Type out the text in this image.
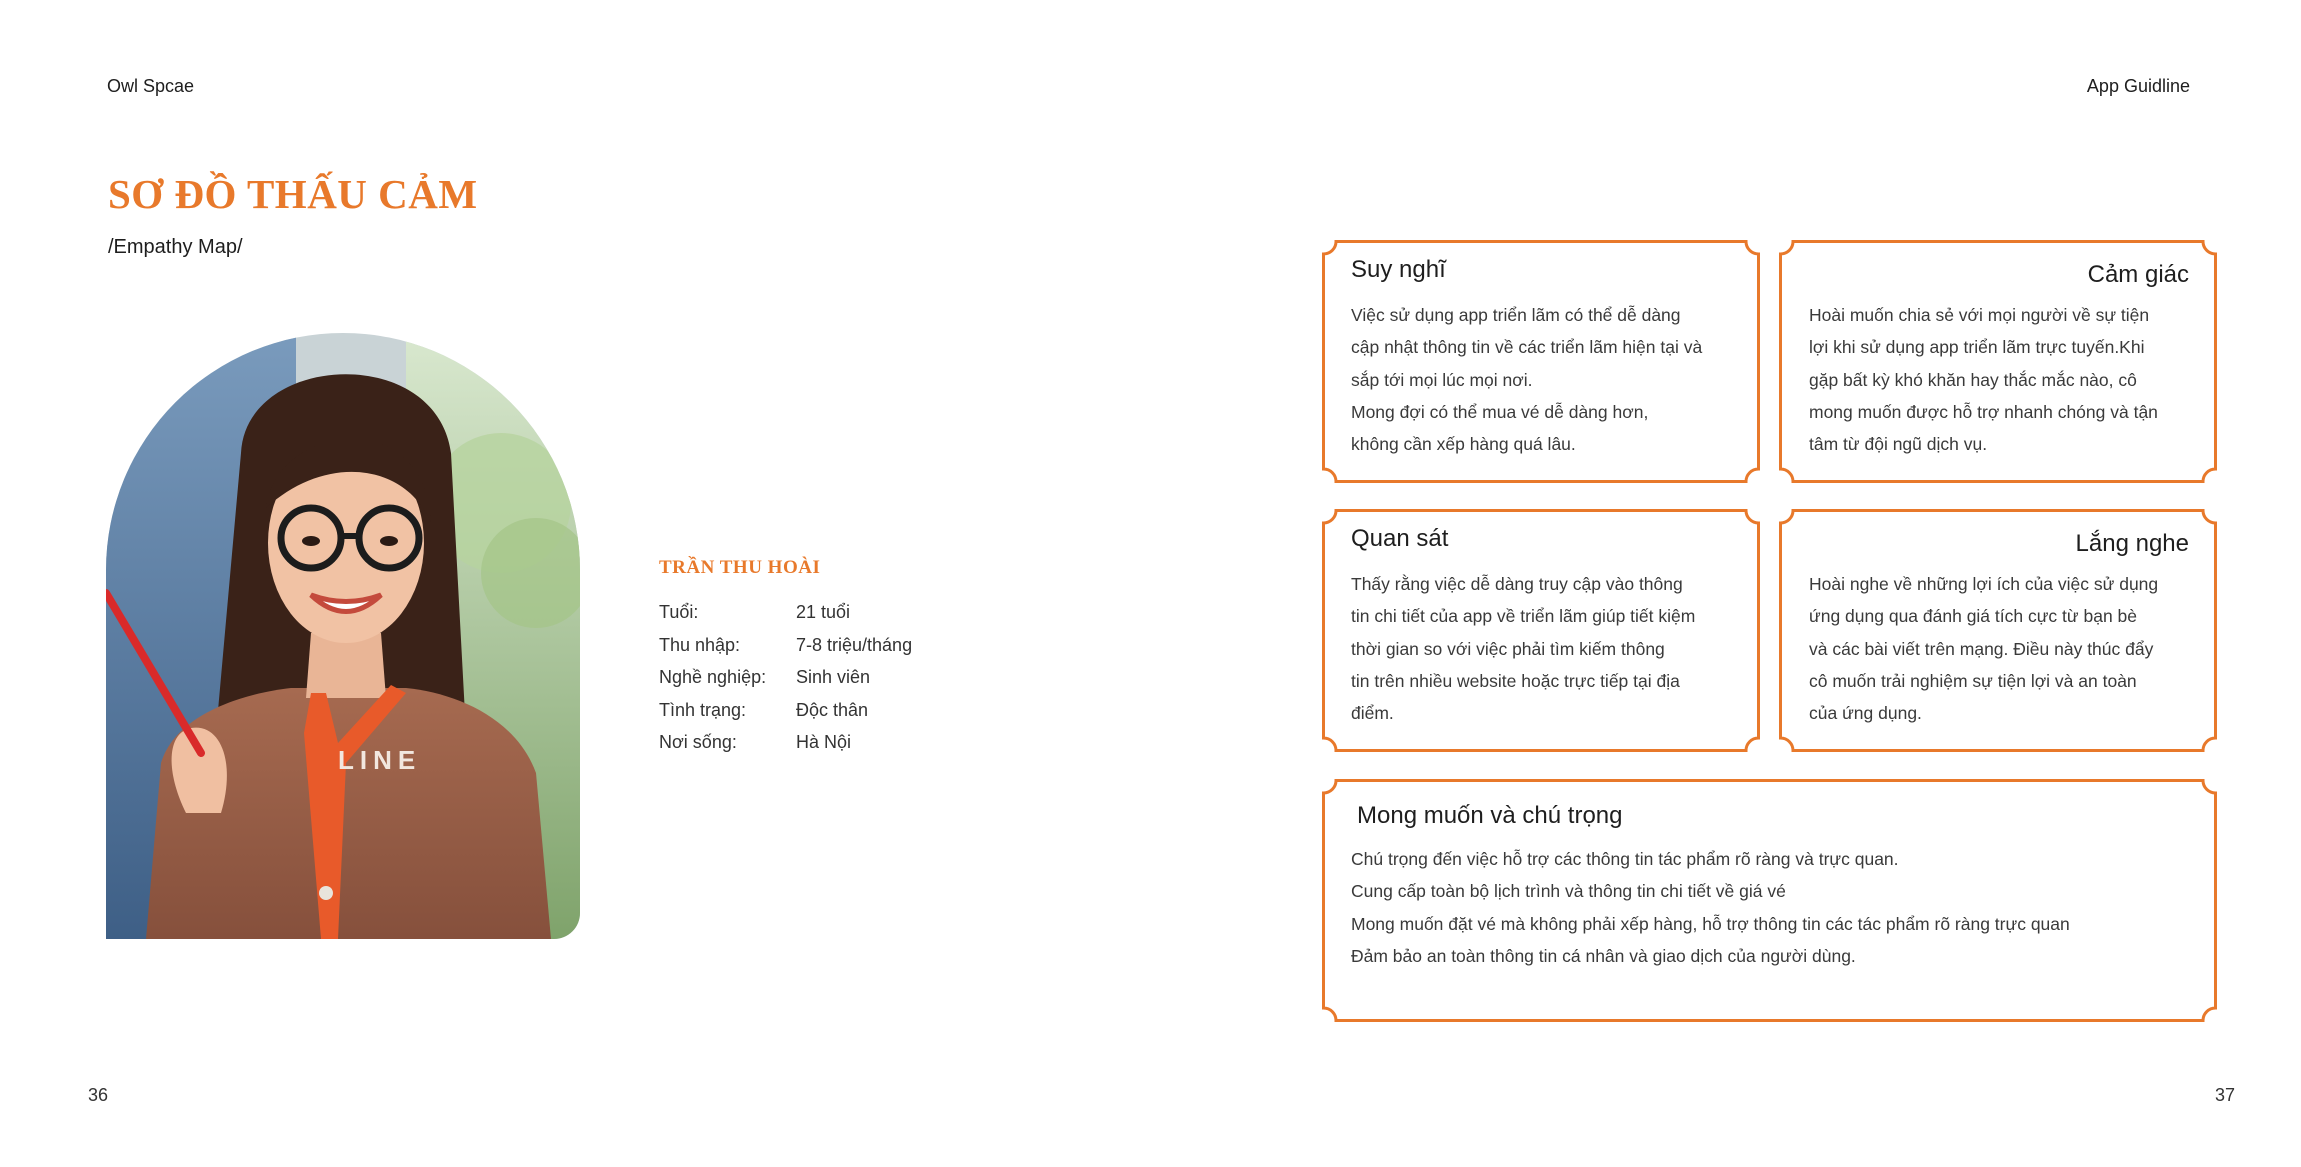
Owl Spcae	App Guidline
SƠ ĐỒ THẤU CẢM
/Empathy Map/
LINE
TRẦN THU HOÀI
Tuổi:	21 tuổi
Thu nhập:	7-8 triệu/tháng
Nghề nghiệp:	Sinh viên
Tình trạng:	Độc thân
Nơi sống:	Hà Nội
Suy nghĩ

Việc sử dụng app triển lãm có thể dễ dàng

cập nhật thông tin về các triển lãm hiện tại và

sắp tới mọi lúc mọi nơi.

Mong đợi có thể mua vé dễ dàng hơn,

không cần xếp hàng quá lâu.

Cảm giác

Hoài muốn chia sẻ với mọi người về sự tiện

lợi khi sử dụng app triển lãm trực tuyến.Khi

gặp bất kỳ khó khăn hay thắc mắc nào, cô

mong muốn được hỗ trợ nhanh chóng và tận

tâm từ đội ngũ dịch vụ.

Quan sát

Thấy rằng việc dễ dàng truy cập vào thông

tin chi tiết của app về triển lãm giúp tiết kiệm

thời gian so với việc phải tìm kiếm thông

tin trên nhiều website hoặc trực tiếp tại địa

điểm.

Lắng nghe

Hoài nghe về những lợi ích của việc sử dụng

ứng dụng qua đánh giá tích cực từ bạn bè

và các bài viết trên mạng. Điều này thúc đẩy

cô muốn trải nghiệm sự tiện lợi và an toàn

của ứng dụng.

Mong muốn và chú trọng

Chú trọng đến việc hỗ trợ các thông tin tác phẩm rõ ràng và trực quan.

Cung cấp toàn bộ lịch trình và thông tin chi tiết về giá vé

Mong muốn đặt vé mà không phải xếp hàng, hỗ trợ thông tin các tác phẩm rõ ràng trực quan

Đảm bảo an toàn thông tin cá nhân và giao dịch của người dùng.

36	37
